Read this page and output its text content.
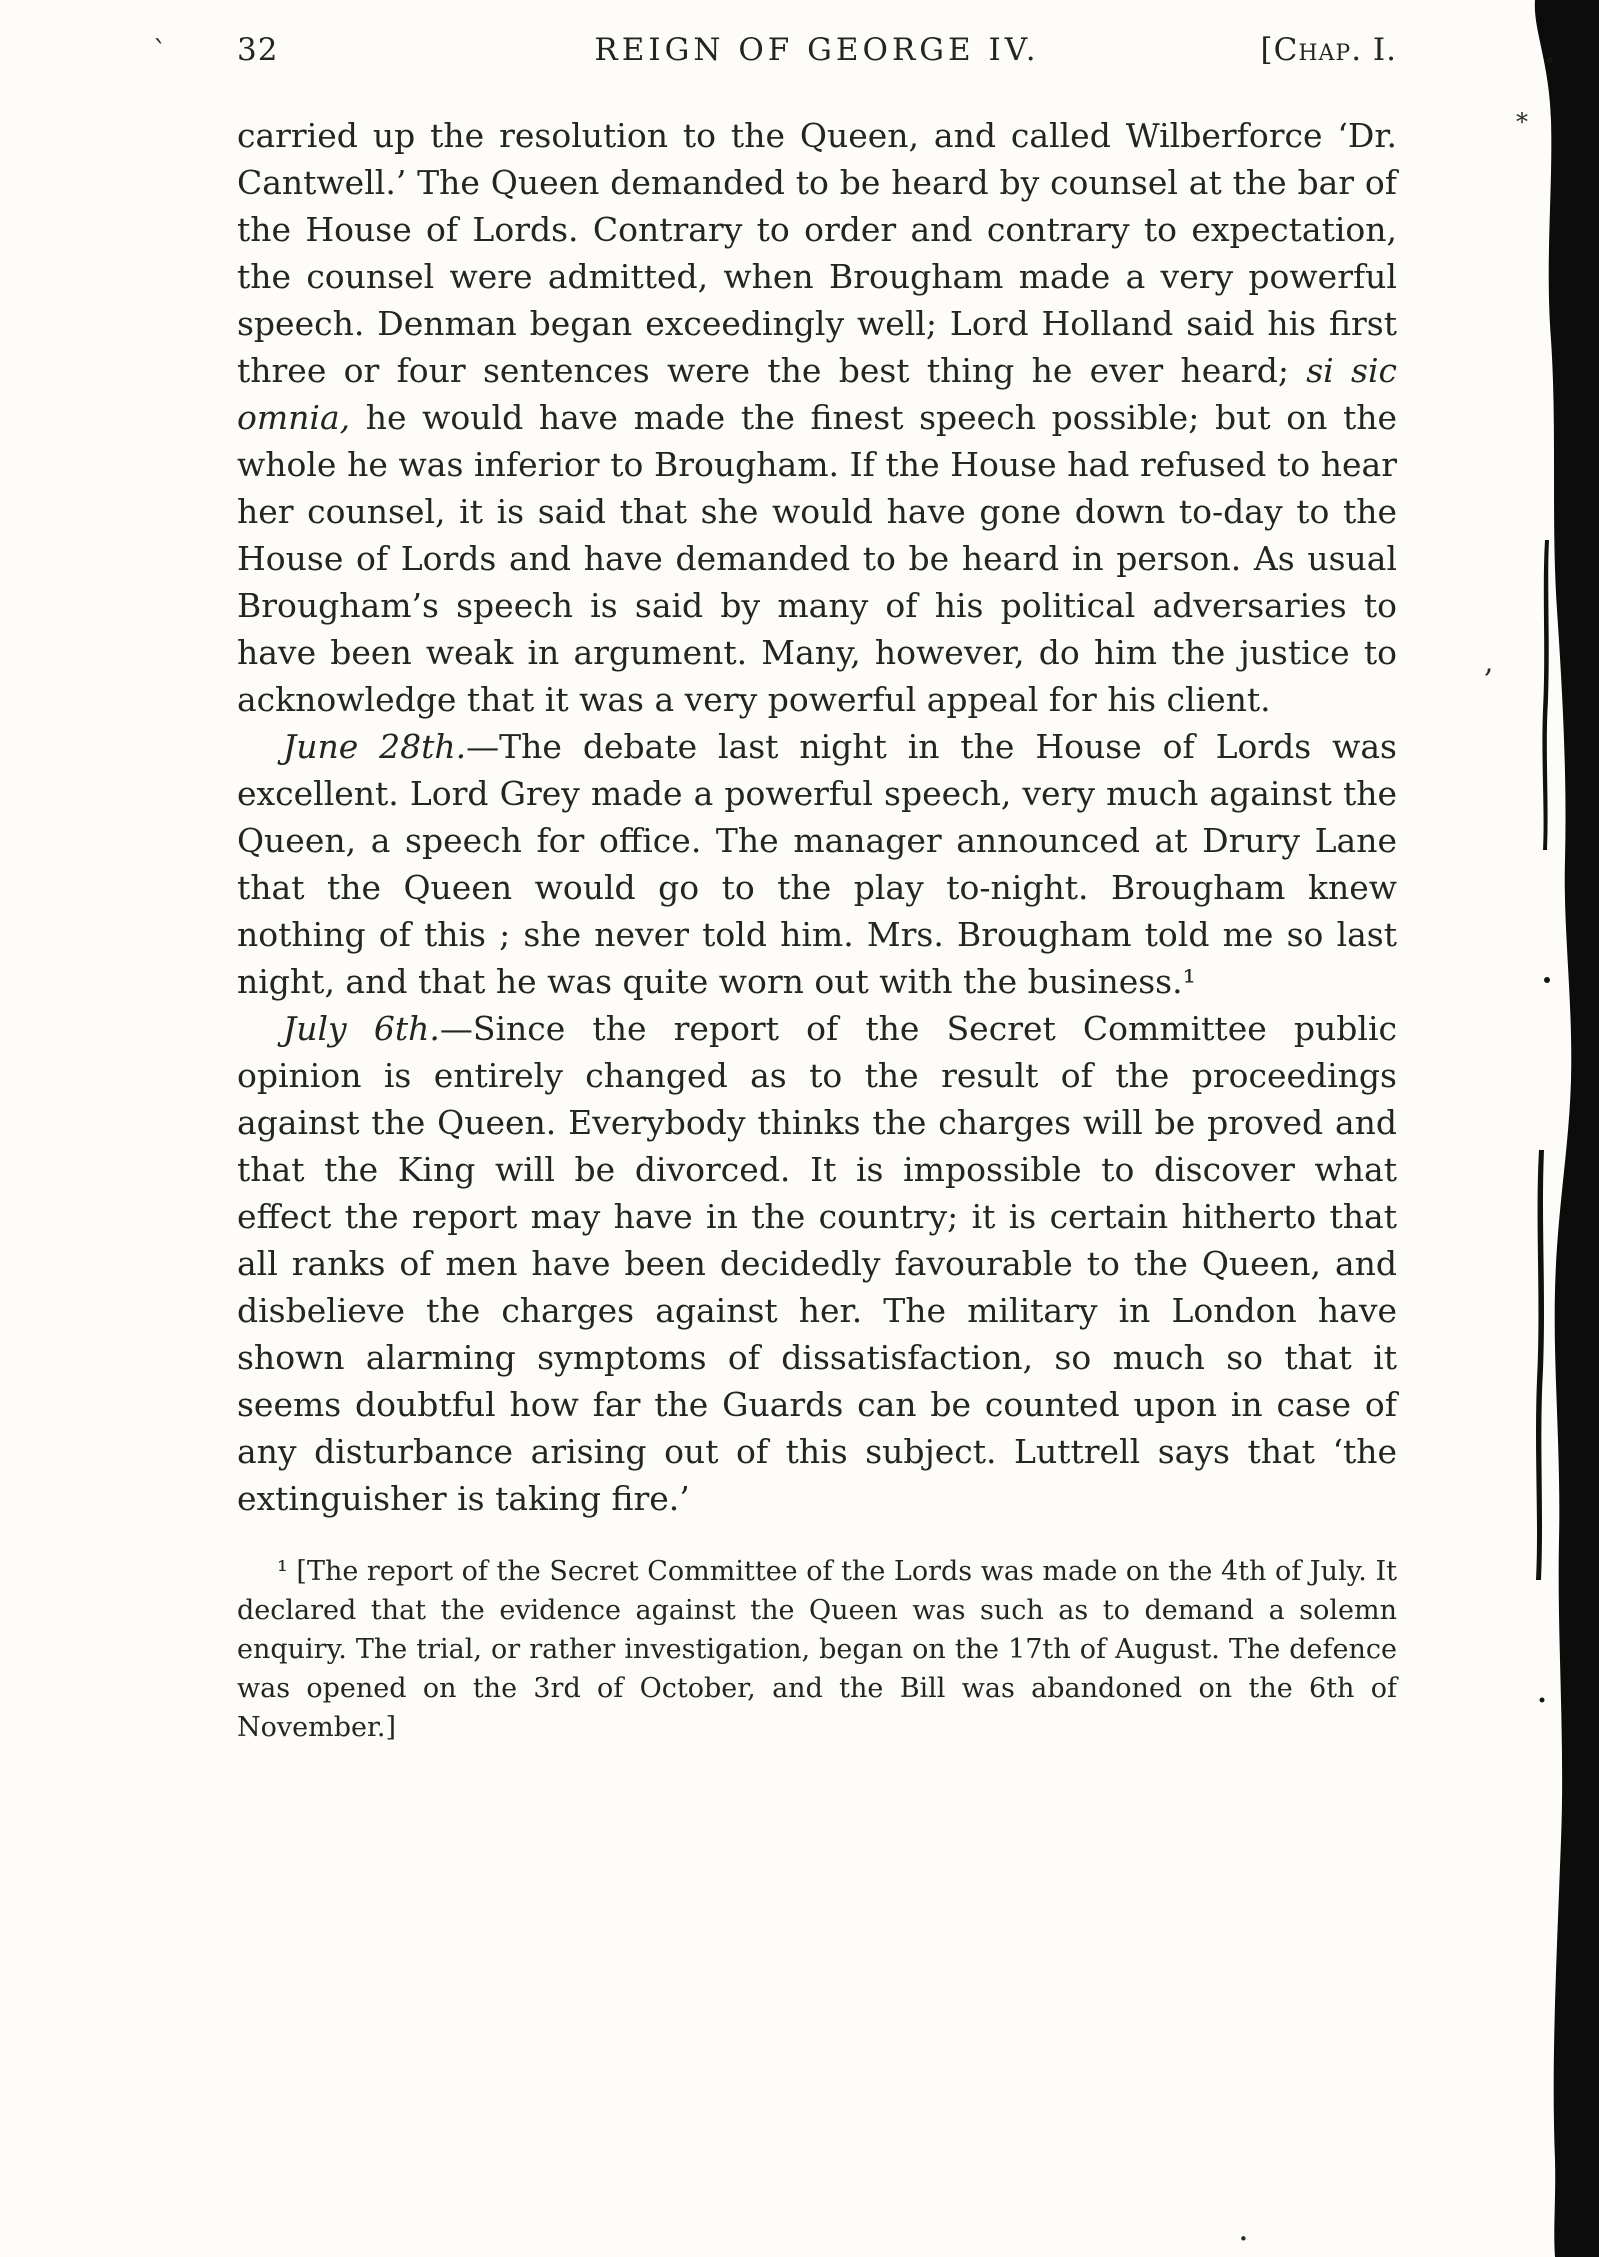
32	REIGN OF GEORGE IV.	[Chap. I.

carried up the resolution to the Queen, and called Wilberforce ‘Dr. Cantwell.’ The Queen demanded to be heard by counsel at the bar of the House of Lords. Contrary to order and contrary to expectation, the counsel were admitted, when Brougham made a very powerful speech. Denman began exceedingly well; Lord Holland said his first three or four sentences were the best thing he ever heard; si sic omnia, he would have made the finest speech possible; but on the whole he was inferior to Brougham. If the House had refused to hear her counsel, it is said that she would have gone down to-day to the House of Lords and have demanded to be heard in person. As usual Brougham’s speech is said by many of his political adversaries to have been weak in argument. Many, however, do him the justice to acknowledge that it was a very powerful appeal for his client.

June 28th.—The debate last night in the House of Lords was excellent. Lord Grey made a powerful speech, very much against the Queen, a speech for office. The manager announced at Drury Lane that the Queen would go to the play to-night. Brougham knew nothing of this ; she never told him. Mrs. Brougham told me so last night, and that he was quite worn out with the business.¹

July 6th.—Since the report of the Secret Committee public opinion is entirely changed as to the result of the proceedings against the Queen. Everybody thinks the charges will be proved and that the King will be divorced. It is impossible to discover what effect the report may have in the country; it is certain hitherto that all ranks of men have been decidedly favourable to the Queen, and disbelieve the charges against her. The military in London have shown alarming symptoms of dissatisfaction, so much so that it seems doubtful how far the Guards can be counted upon in case of any disturbance arising out of this subject. Luttrell says that ‘the extinguisher is taking fire.’

¹ [The report of the Secret Committee of the Lords was made on the 4th of July. It declared that the evidence against the Queen was such as to demand a solemn enquiry. The trial, or rather investigation, began on the 17th of August. The defence was opened on the 3rd of October, and the Bill was abandoned on the 6th of November.]

*
,
`
.
